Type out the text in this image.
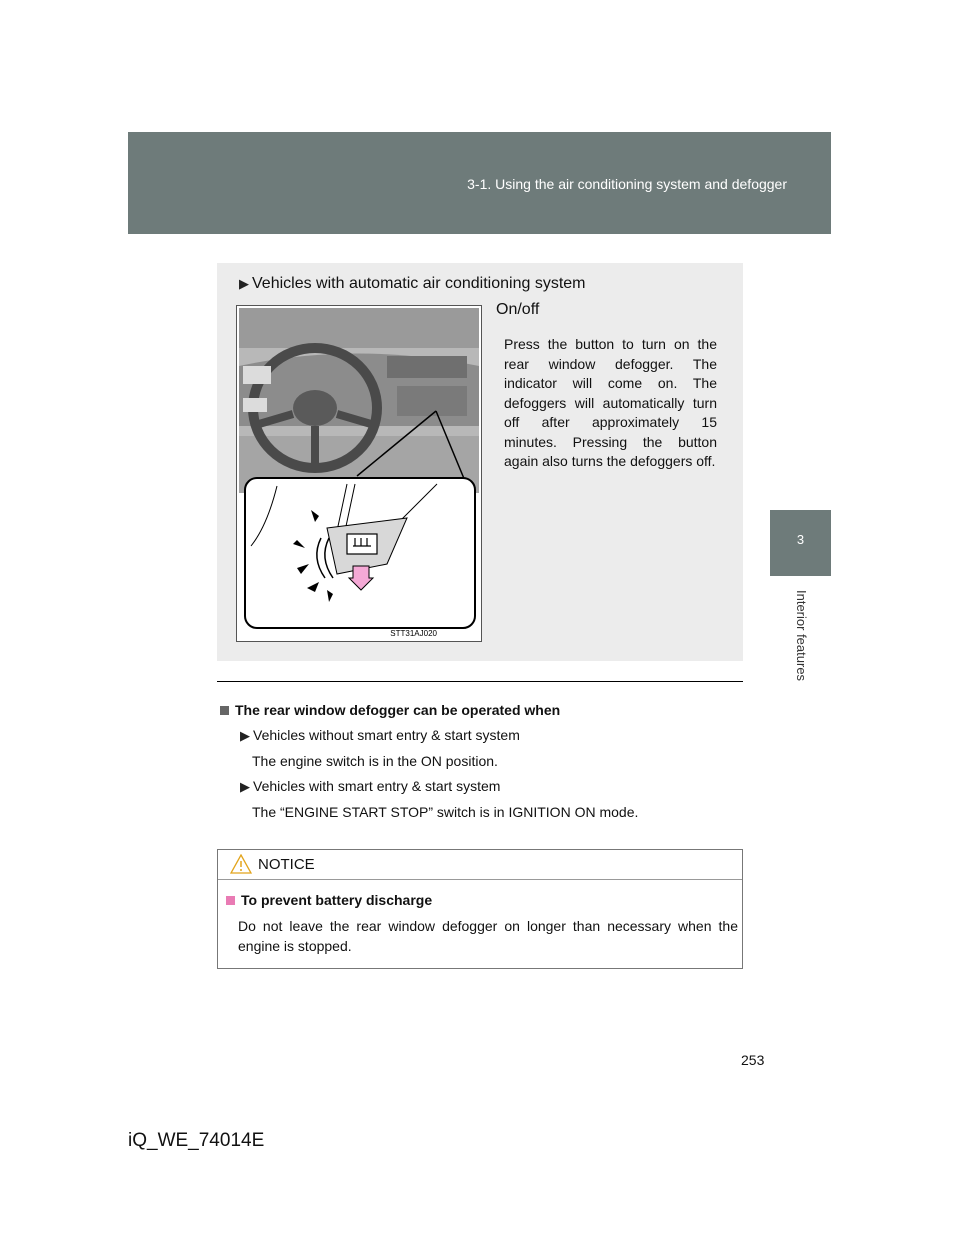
3-1. Using the air conditioning system and defogger
3
Interior features
▶ Vehicles with automatic air conditioning system
STT31AJ020
On/off
Press the button to turn on the rear window defogger. The indicator will come on. The defoggers will automatically turn off after approximately 15 minutes. Pressing the button again also turns the defoggers off.
The rear window defogger can be operated when
▶ Vehicles without smart entry & start system
The engine switch is in the ON position.
▶ Vehicles with smart entry & start system
The “ENGINE START STOP” switch is in IGNITION ON mode.
NOTICE
To prevent battery discharge
Do not leave the rear window defogger on longer than necessary when the engine is stopped.
253
iQ_WE_74014E
